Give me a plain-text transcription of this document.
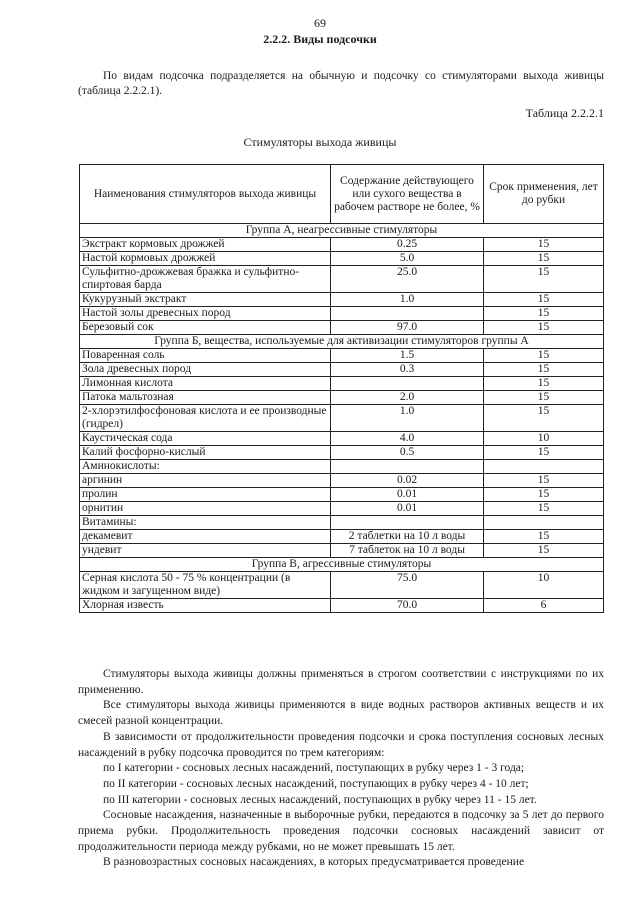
69
2.2.2. Виды подсочки

По видам подсочка подразделяется на обычную и подсочку со стимуляторами выхода живицы (таблица 2.2.2.1).

Таблица 2.2.2.1
Стимуляторы выхода живицы
Наименования стимуляторов выхода живицы	Содержание действующего или сухого вещества в рабочем растворе не более, %	Срок применения, лет до рубки
Группа А, неагрессивные стимуляторы		
Экстракт кормовых дрожжей	0.25	15
Настой кормовых дрожжей	5.0	15
Сульфитно-дрожжевая бражка и сульфитно-спиртовая барда	25.0	15
Кукурузный экстракт	1.0	15
Настой золы древесных пород		15
Березовый сок	97.0	15
Группа Б, вещества, используемые для активизации стимуляторов группы А		
Поваренная соль	1.5	15
Зола древесных пород	0.3	15
Лимонная кислота		15
Патока мальтозная	2.0	15
2-хлорэтилфосфоновая кислота и ее производные (гидрел)	1.0	15
Каустическая сода	4.0	10
Калий фосфорно-кислый	0.5	15
Аминокислоты:		
аргинин	0.02	15
пролин	0.01	15
орнитин	0.01	15
Витамины:		
декамевит	2 таблетки на 10 л воды	15
ундевит	7 таблеток на 10 л воды	15
Группа В, агрессивные стимуляторы		
Серная кислота 50 - 75 % концентрации (в жидком и загущенном виде)	75.0	10
Хлорная известь	70.0	6

Стимуляторы выхода живицы должны применяться в строгом соответствии с инструкциями по их применению.

Все стимуляторы выхода живицы применяются в виде водных растворов активных веществ и их смесей разной концентрации.

В зависимости от продолжительности проведения подсочки и срока поступления сосновых лесных насаждений в рубку подсочка проводится по трем категориям:

по I категории - сосновых лесных насаждений, поступающих в рубку через 1 - 3 года;

по II категории - сосновых лесных насаждений, поступающих в рубку через 4 - 10 лет;

по III категории - сосновых лесных насаждений, поступающих в рубку через 11 - 15 лет.

Сосновые насаждения, назначенные в выборочные рубки, передаются в подсочку за 5 лет до первого приема рубки. Продолжительность проведения подсочки сосновых насаждений зависит от продолжительности периода между рубками, но не может превышать 15 лет.

В разновозрастных сосновых насаждениях, в которых предусматривается проведение
